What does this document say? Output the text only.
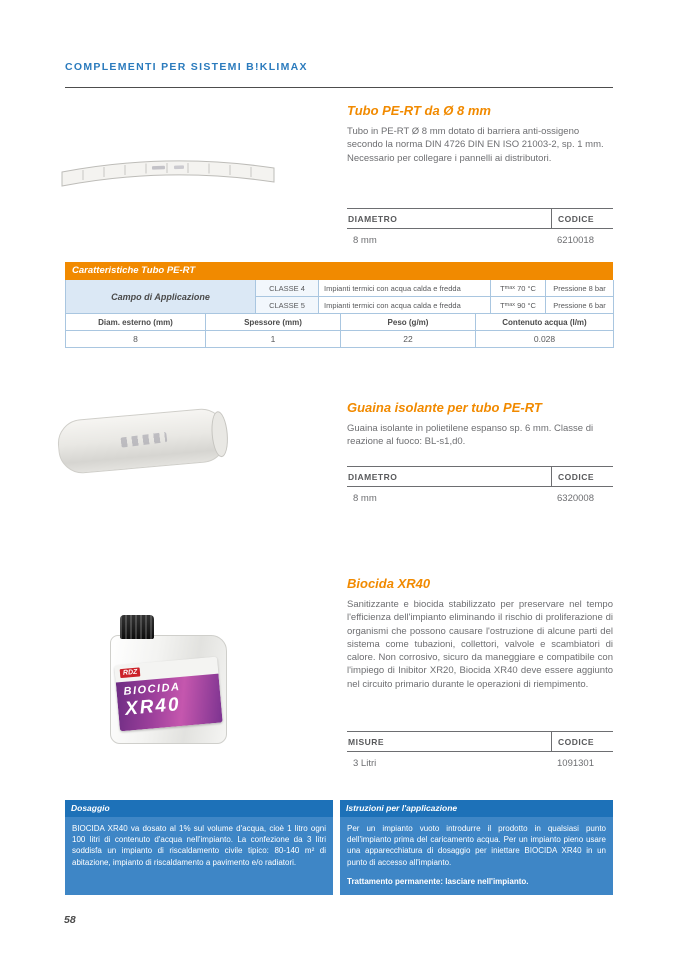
COMPLEMENTI PER SISTEMI B!KLIMAX
Tubo PE-RT da Ø 8 mm
Tubo in PE-RT Ø 8 mm dotato di barriera anti-ossigeno secondo la norma DIN 4726 DIN EN ISO 21003-2, sp. 1 mm. Necessario per collegare i pannelli ai distributori.
DIAMETRO	CODICE
8 mm	6210018
Caratteristiche Tubo PE-RT
Campo di Applicazione
CLASSE 4	Impianti termici con acqua calda e fredda	T max 70 °C	Pressione 8 bar
CLASSE 5	Impianti termici con acqua calda e fredda	T max 90 °C	Pressione 6 bar
Diam. esterno (mm)	Spessore (mm)	Peso (g/m)	Contenuto acqua (l/m)
8	1	22	0.028
Guaina isolante per tubo PE-RT
Guaina isolante in polietilene espanso sp. 6 mm. Classe di reazione al fuoco: BL-s1,d0.
DIAMETRO	CODICE
8 mm	6320008
RDZ
BIOCIDA
XR40
Biocida XR40
Sanitizzante e biocida stabilizzato per preservare nel tempo l'efficienza dell'impianto eliminando il rischio di proliferazione di organismi che possono causare l'ostruzione di alcune parti del sistema come tubazioni, collettori, valvole e scambiatori di calore. Non corrosivo, sicuro da maneggiare e compatibile con l'impiego di Inibitor XR20, Biocida XR40 deve essere aggiunto nel circuito primario durante le operazioni di riempimento.
MISURE	CODICE
3 Litri	1091301
Dosaggio
BIOCIDA XR40 va dosato al 1% sul volume d'acqua, cioè 1 litro ogni 100 litri di contenuto d'acqua nell'impianto. La confezione da 3 litri soddisfa un impianto di riscaldamento civile tipico: 80-140 m² di abitazione, impianto di riscaldamento a pavimento e/o radiatori.
Istruzioni per l'applicazione
Per un impianto vuoto introdurre il prodotto in qualsiasi punto dell'impianto prima del caricamento acqua. Per un impianto pieno usare una apparecchiatura di dosaggio per iniettare BIOCIDA XR40 in un punto di accesso all'impianto.
Trattamento permanente: lasciare nell'impianto.
58
